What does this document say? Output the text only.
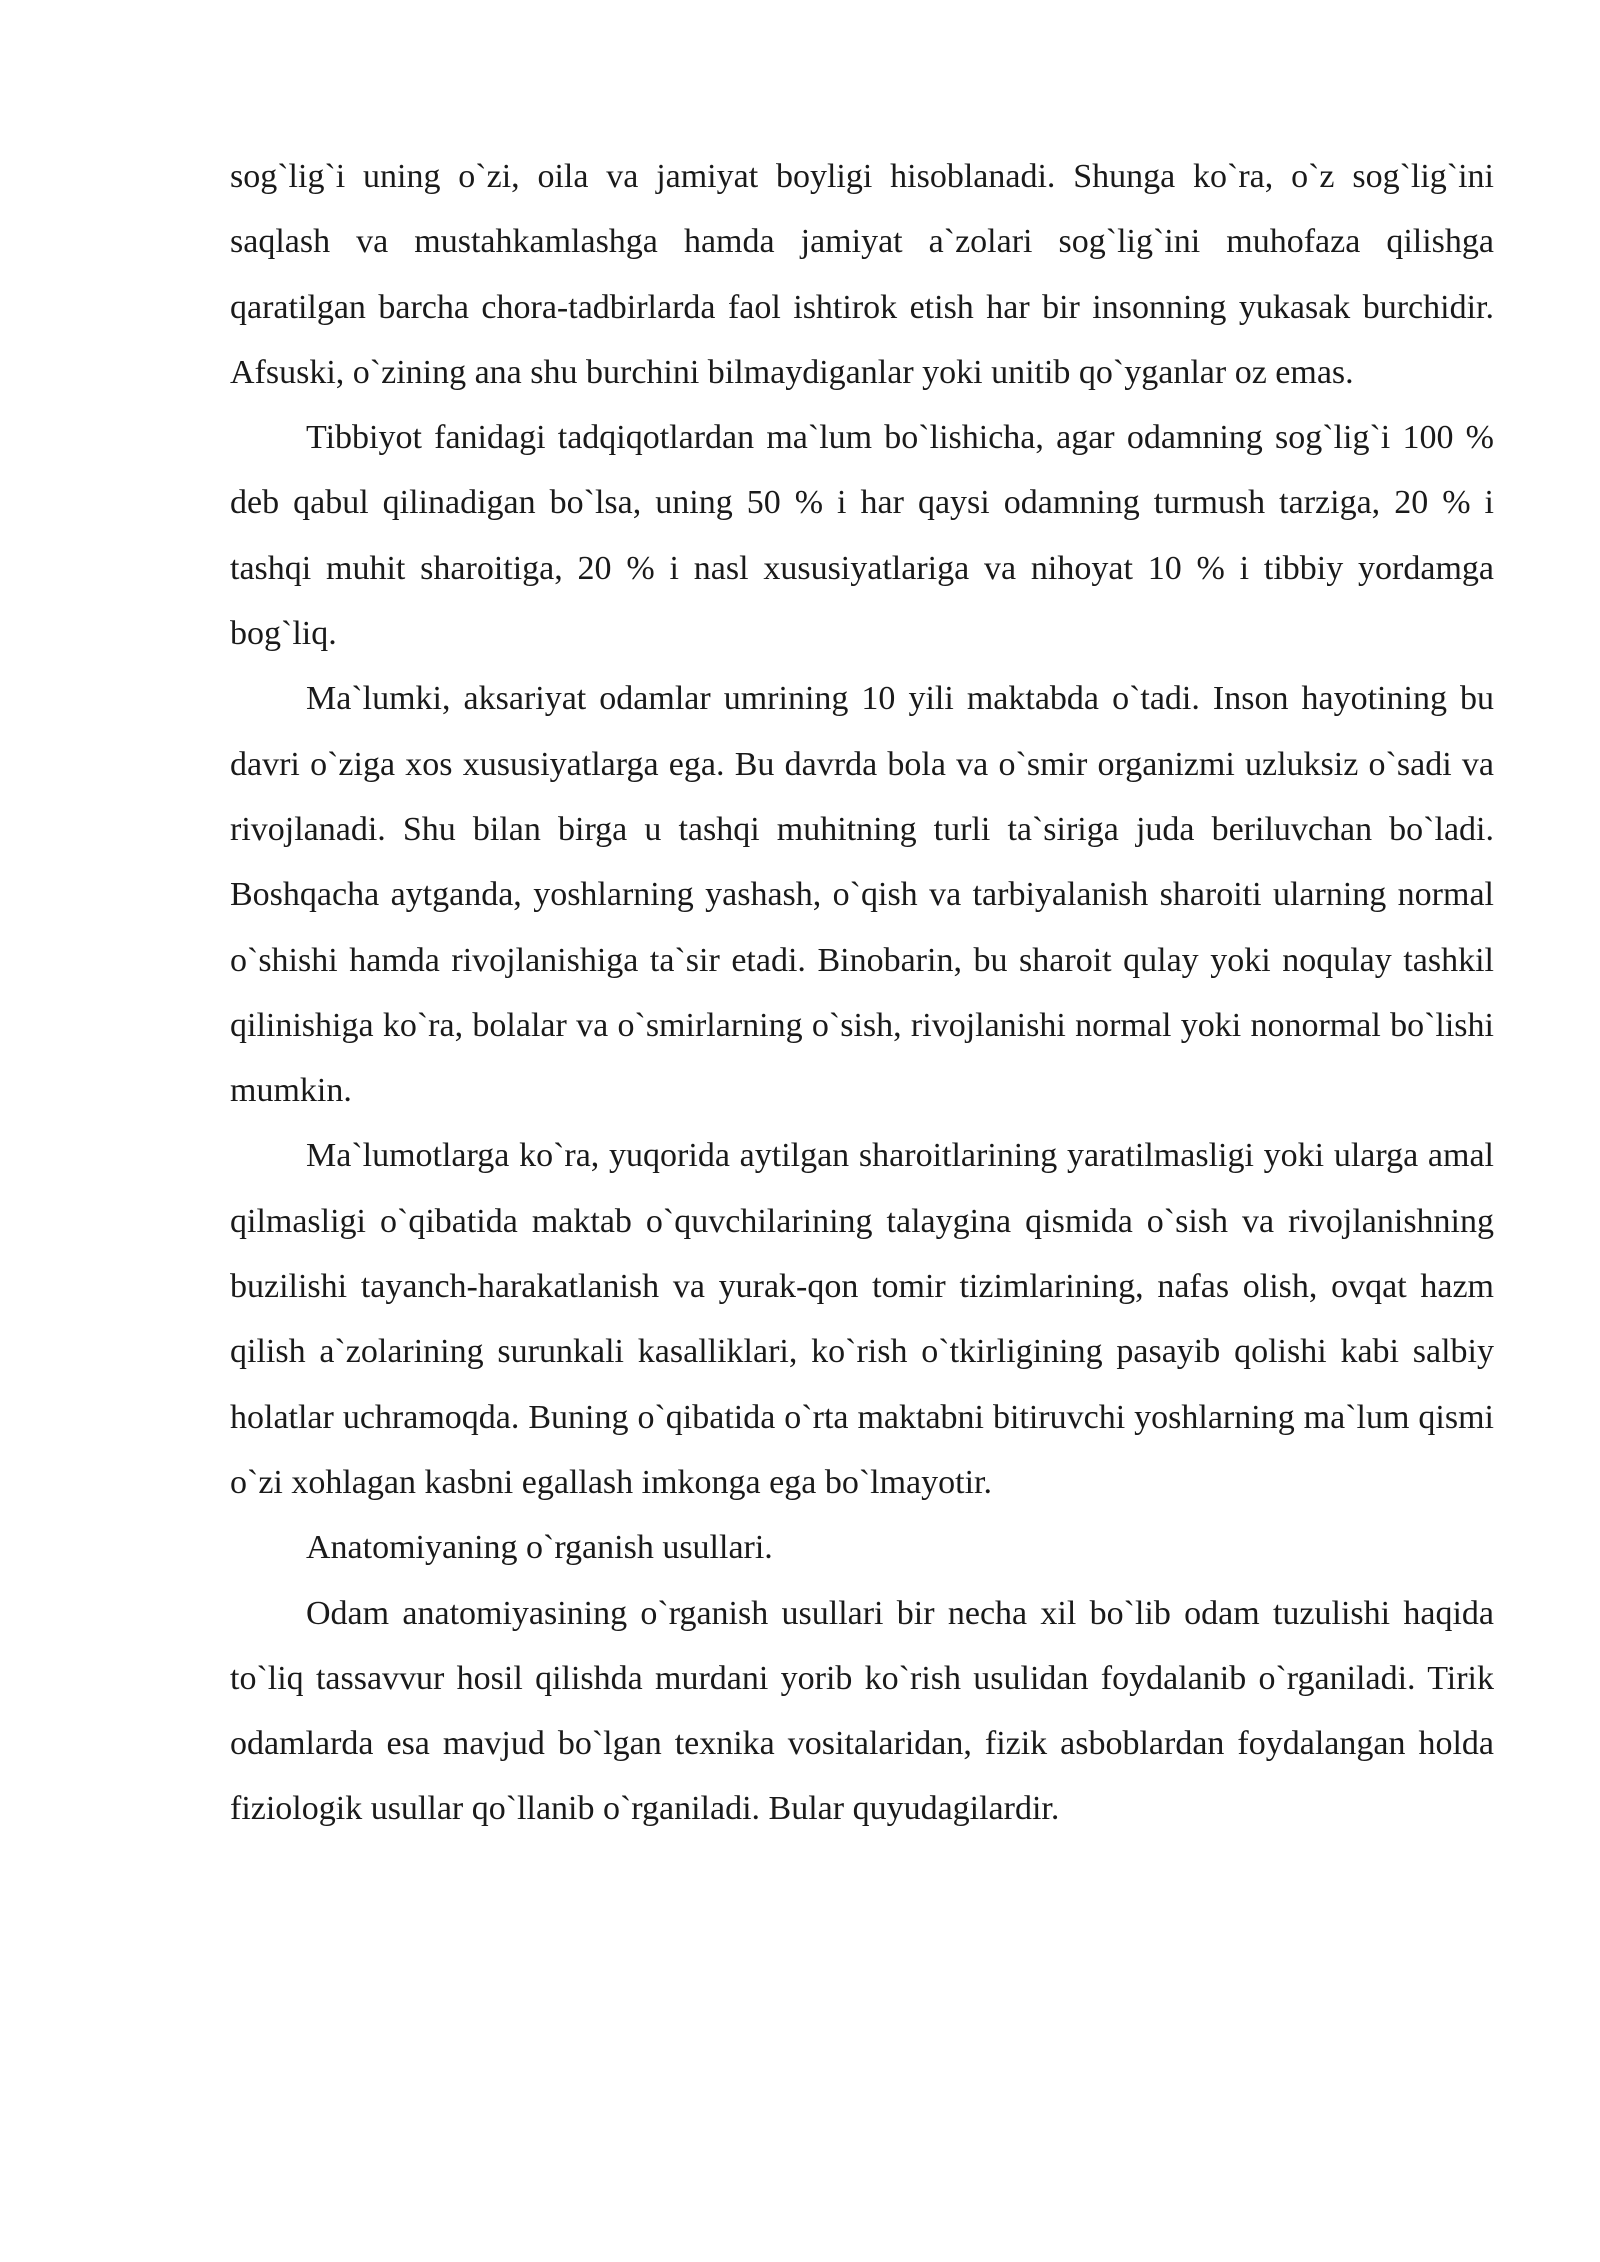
sog`lig`i uning o`zi, oila va jamiyat boyligi hisoblanadi. Shunga ko`ra, o`z sog`lig`ini saqlash va mustahkamlashga hamda jamiyat a`zolari sog`lig`ini muhofaza qilishga qaratilgan barcha chora-tadbirlarda faol ishtirok etish har bir insonning yukasak burchidir. Afsuski, o`zining ana shu burchini bilmaydiganlar yoki unitib qo`yganlar oz emas.

Tibbiyot fanidagi tadqiqotlardan ma`lum bo`lishicha, agar odamning sog`lig`i 100 % deb qabul qilinadigan bo`lsa, uning 50 % i har qaysi odamning turmush tarziga, 20 % i tashqi muhit sharoitiga, 20 % i nasl xususiyatlariga va nihoyat 10 % i tibbiy yordamga bog`liq.

Ma`lumki, aksariyat odamlar umrining 10 yili maktabda o`tadi. Inson hayotining bu davri o`ziga xos xususiyatlarga ega. Bu davrda bola va o`smir organizmi uzluksiz o`sadi va rivojlanadi. Shu bilan birga u tashqi muhitning turli ta`siriga juda beriluvchan bo`ladi. Boshqacha aytganda, yoshlarning yashash, o`qish va tarbiyalanish sharoiti ularning normal o`shishi hamda rivojlanishiga ta`sir etadi. Binobarin, bu sharoit qulay yoki noqulay tashkil qilinishiga ko`ra, bolalar va o`smirlarning o`sish, rivojlanishi normal yoki nonormal bo`lishi mumkin.

Ma`lumotlarga ko`ra, yuqorida aytilgan sharoitlarining yaratilmasligi yoki ularga amal qilmasligi o`qibatida maktab o`quvchilarining talaygina qismida o`sish va rivojlanishning buzilishi tayanch-harakatlanish va yurak-qon tomir tizimlarining, nafas olish, ovqat hazm qilish a`zolarining surunkali kasalliklari, ko`rish o`tkirligining pasayib qolishi kabi salbiy holatlar uchramoqda. Buning o`qibatida o`rta maktabni bitiruvchi yoshlarning ma`lum qismi o`zi xohlagan kasbni egallash imkonga ega bo`lmayotir.

Anatomiyaning o`rganish usullari.

Odam anatomiyasining o`rganish usullari bir necha xil bo`lib odam tuzulishi haqida to`liq tassavvur hosil qilishda murdani yorib ko`rish usulidan foydalanib o`rganiladi. Tirik odamlarda esa mavjud bo`lgan texnika vositalaridan, fizik asboblardan foydalangan holda fiziologik usullar qo`llanib o`rganiladi. Bular quyudagilardir.
